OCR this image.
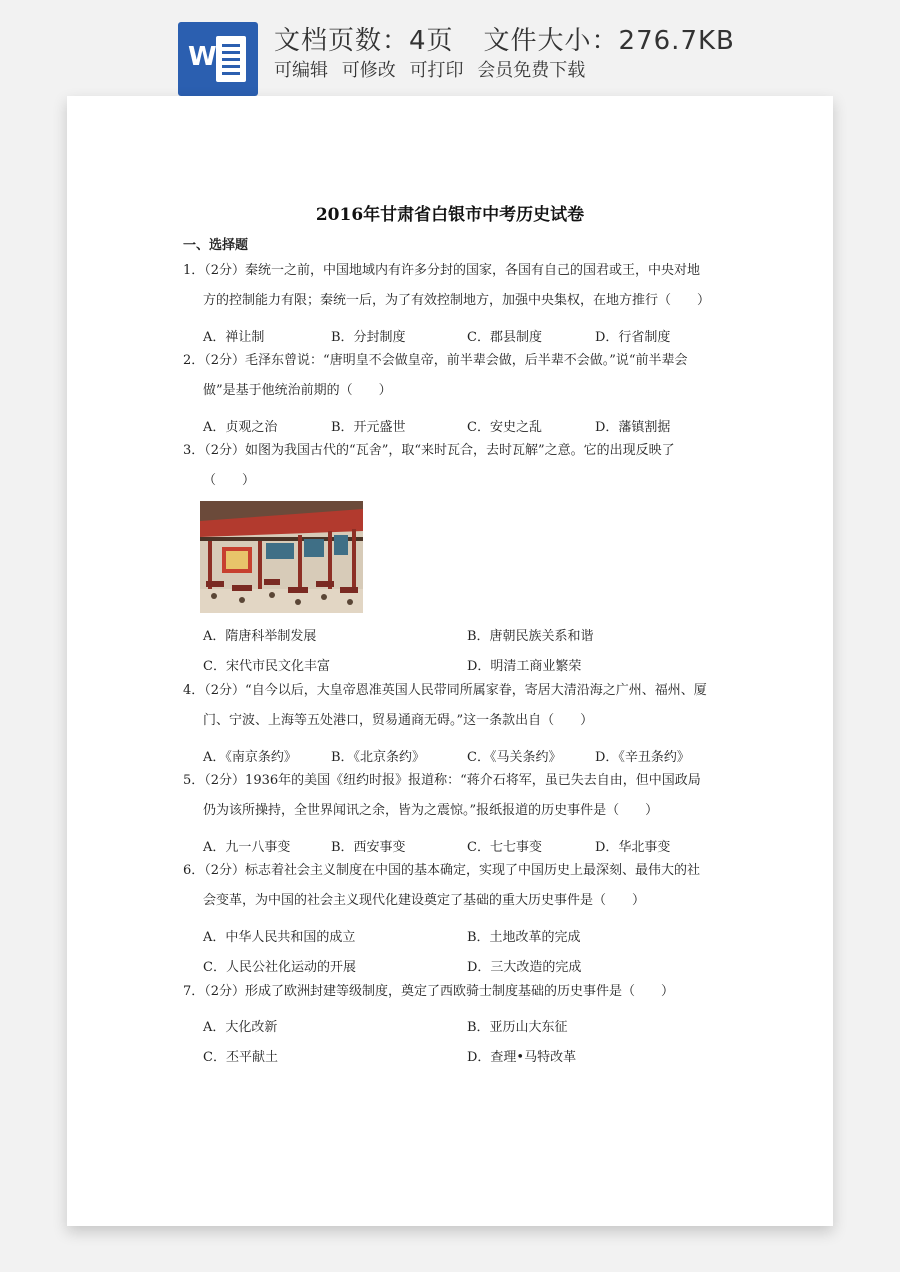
W
文档页数：4页 文件大小：276.7KB
可编辑 可修改 可打印 会员免费下载
2016年甘肃省白银市中考历史试卷
一、选择题
1．（2分）秦统一之前，中国地域内有许多分封的国家，各国有自己的国君或王，中央对地
方的控制能力有限；秦统一后，为了有效控制地方，加强中央集权，在地方推行（　　）
A．禅让制	B．分封制度	C．郡县制度	D．行省制度
2．（2分）毛泽东曾说：“唐明皇不会做皇帝，前半辈会做，后半辈不会做。”说“前半辈会
做”是基于他统治前期的（　　）
A．贞观之治	B．开元盛世	C．安史之乱	D．藩镇割据
3．（2分）如图为我国古代的“瓦舍”，取“来时瓦合，去时瓦解”之意。它的出现反映了
（　　）
A．隋唐科举制发展	B．唐朝民族关系和谐
C．宋代市民文化丰富	D．明清工商业繁荣
4．（2分）“自今以后，大皇帝恩准英国人民带同所属家眷，寄居大清沿海之广州、福州、厦
门、宁波、上海等五处港口，贸易通商无碍。”这一条款出自（　　）
A．《南京条约》	B．《北京条约》	C．《马关条约》	D．《辛丑条约》
5．（2分）1936年的美国《纽约时报》报道称：“蒋介石将军，虽已失去自由，但中国政局
仍为该所操持，全世界闻讯之余，皆为之震惊。”报纸报道的历史事件是（　　）
A．九一八事变	B．西安事变	C．七七事变	D．华北事变
6．（2分）标志着社会主义制度在中国的基本确定，实现了中国历史上最深刻、最伟大的社
会变革，为中国的社会主义现代化建设奠定了基础的重大历史事件是（　　）
A．中华人民共和国的成立	B．土地改革的完成
C．人民公社化运动的开展	D．三大改造的完成
7．（2分）形成了欧洲封建等级制度，奠定了西欧骑士制度基础的历史事件是（　　）
A．大化改新	B．亚历山大东征
C．丕平献土	D．查理•马特改革
